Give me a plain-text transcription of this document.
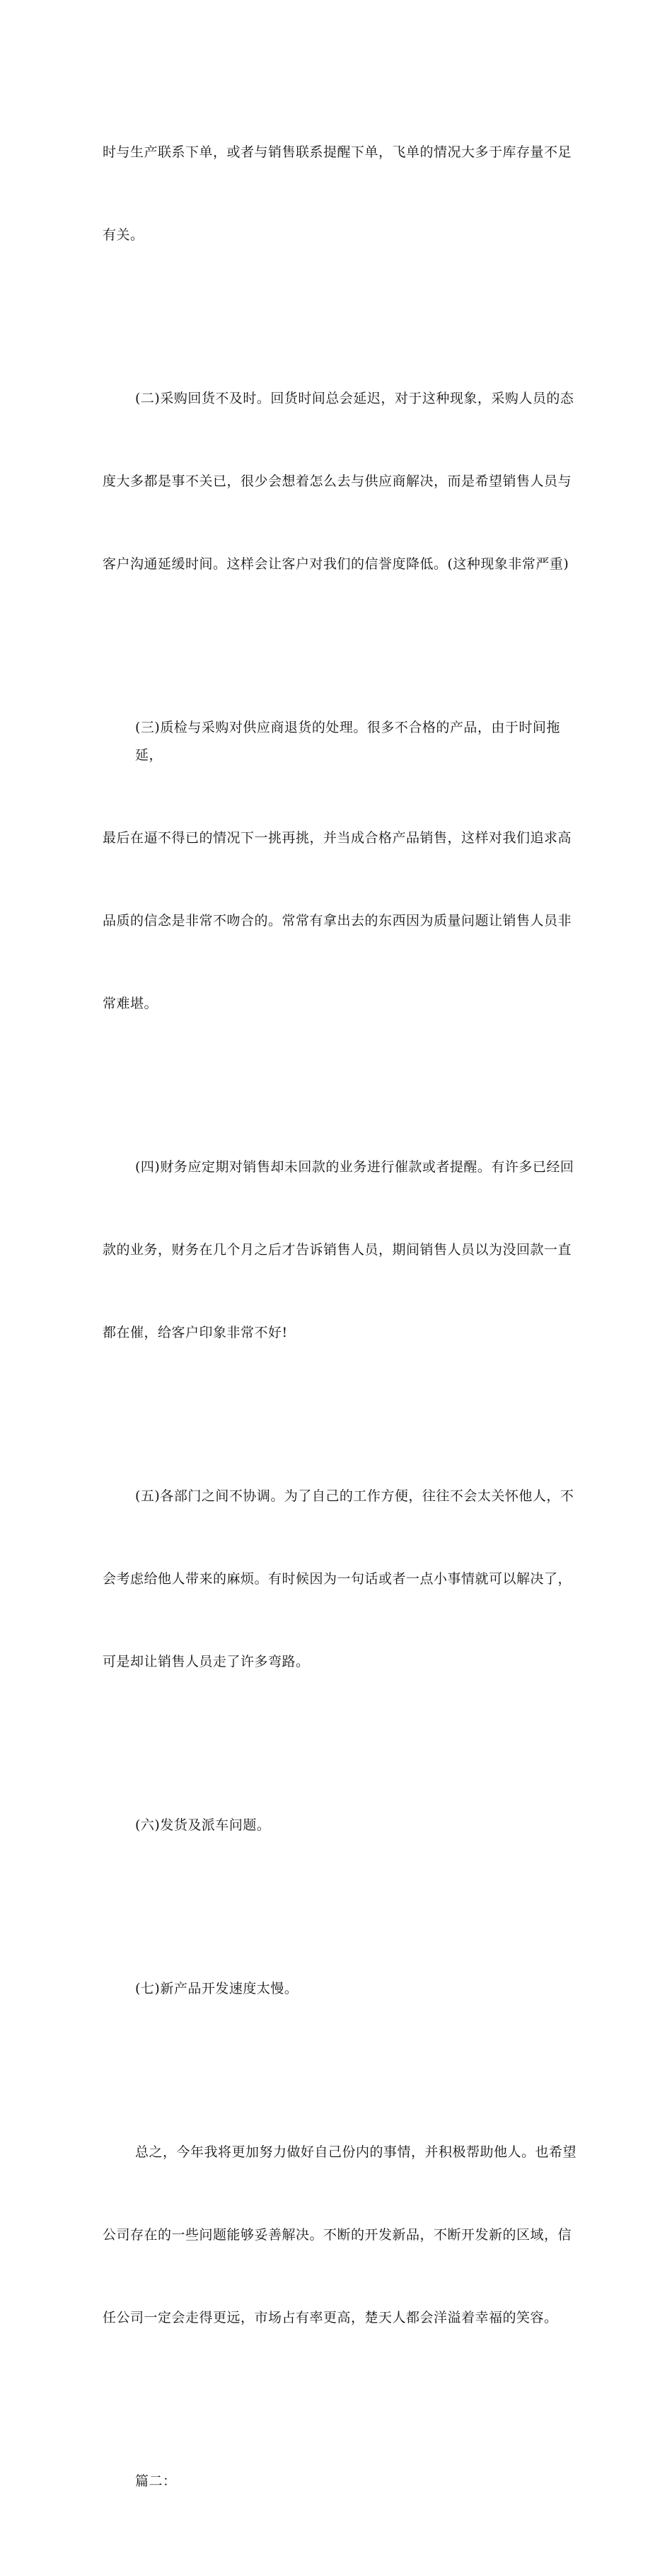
时与生产联系下单，或者与销售联系提醒下单，飞单的情况大多于库存量不足

有关。

(二)采购回货不及时。回货时间总会延迟，对于这种现象，采购人员的态

度大多都是事不关已，很少会想着怎么去与供应商解决，而是希望销售人员与

客户沟通延缓时间。这样会让客户对我们的信誉度降低。(这种现象非常严重)

(三)质检与采购对供应商退货的处理。很多不合格的产品，由于时间拖延，

最后在逼不得已的情况下一挑再挑，并当成合格产品销售，这样对我们追求高

品质的信念是非常不吻合的。常常有拿出去的东西因为质量问题让销售人员非

常难堪。

(四)财务应定期对销售却未回款的业务进行催款或者提醒。有许多已经回

款的业务，财务在几个月之后才告诉销售人员，期间销售人员以为没回款一直

都在催，给客户印象非常不好!

(五)各部门之间不协调。为了自己的工作方便，往往不会太关怀他人，不

会考虑给他人带来的麻烦。有时候因为一句话或者一点小事情就可以解决了，

可是却让销售人员走了许多弯路。

(六)发货及派车问题。

(七)新产品开发速度太慢。

总之，今年我将更加努力做好自己份内的事情，并积极帮助他人。也希望

公司存在的一些问题能够妥善解决。不断的开发新品，不断开发新的区域，信

任公司一定会走得更远，市场占有率更高，楚天人都会洋溢着幸福的笑容。

篇二：
